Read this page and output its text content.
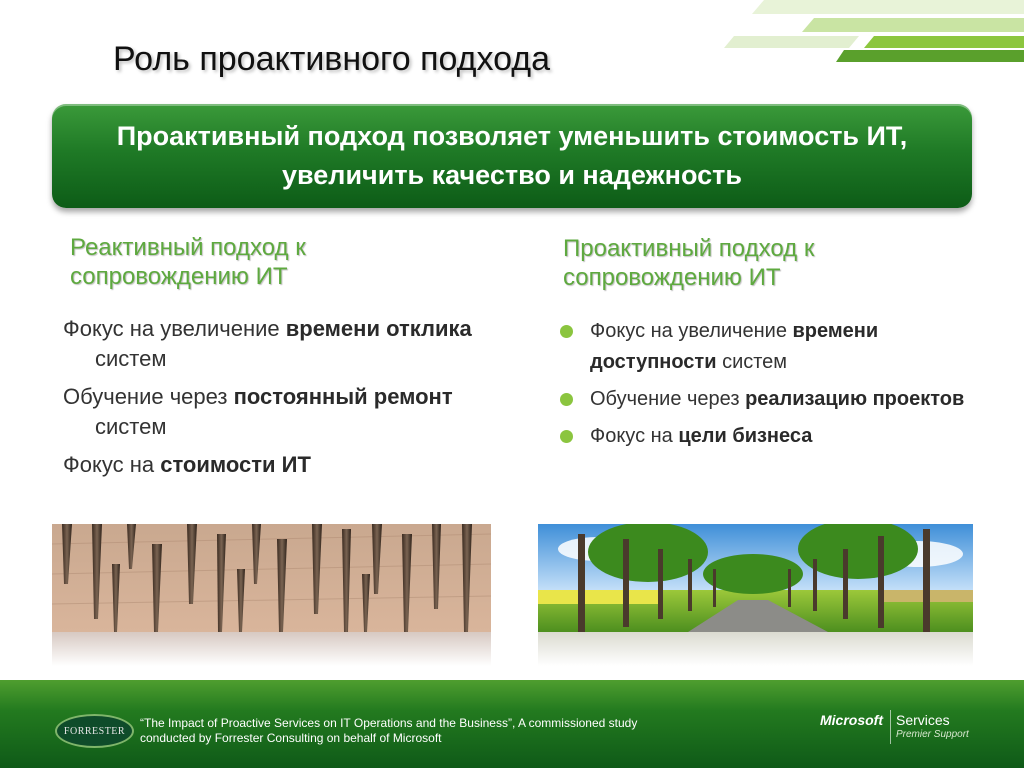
Роль проактивного подхода
Проактивный подход позволяет уменьшить стоимость ИТ, увеличить качество и надежность
Реактивный подход к сопровождению ИТ
Проактивный подход к сопровождению ИТ
Фокус на увеличение времени отклика систем
Обучение через постоянный ремонт систем
Фокус на стоимости ИТ
Фокус на увеличение времени доступности систем
Обучение через реализацию проектов
Фокус на цели бизнеса
FORRESTER
“The Impact of Proactive Services on IT Operations and the Business”, A commissioned study conducted by Forrester Consulting on behalf of Microsoft
Microsoft Services
Premier Support
